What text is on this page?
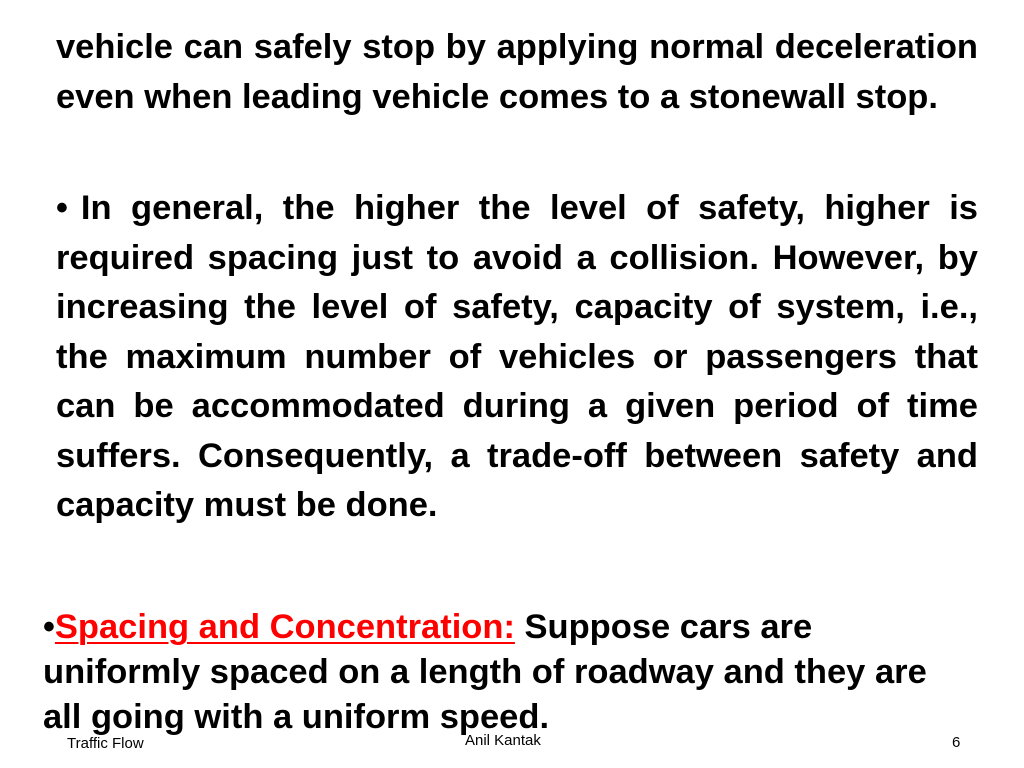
vehicle can safely stop by applying normal deceleration even when leading vehicle comes to a stonewall stop.
• In general, the higher the level of safety, higher is required spacing just to avoid a collision. However, by increasing the level of safety, capacity of system, i.e., the maximum number of vehicles or passengers that can be accommodated during a given period of time suffers. Consequently, a trade-off between safety and capacity must be done.
•Spacing and Concentration: Suppose cars are uniformly spaced on a length of roadway and they are all going with a uniform speed.
Traffic Flow	Anil Kantak	6
